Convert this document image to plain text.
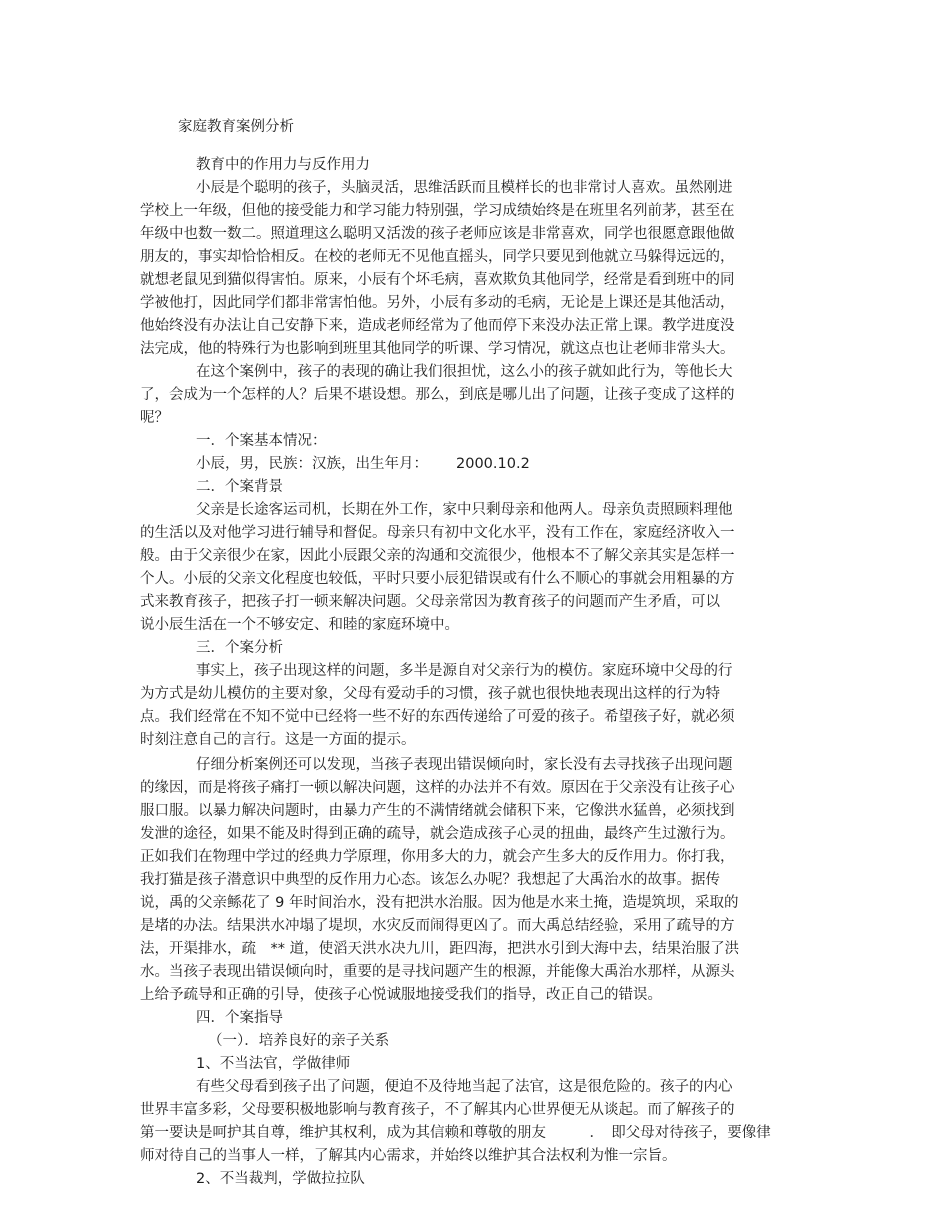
家庭教育案例分析
教育中的作用力与反作用力
小辰是个聪明的孩子，头脑灵活，思维活跃而且模样长的也非常讨人喜欢。虽然刚进
学校上一年级，但他的接受能力和学习能力特别强，学习成绩始终是在班里名列前茅，甚至在
年级中也数一数二。照道理这么聪明又活泼的孩子老师应该是非常喜欢，同学也很愿意跟他做
朋友的，事实却恰恰相反。在校的老师无不见他直摇头，同学只要见到他就立马躲得远远的，
就想老鼠见到猫似得害怕。原来，小辰有个坏毛病，喜欢欺负其他同学，经常是看到班中的同
学被他打，因此同学们都非常害怕他。另外，小辰有多动的毛病，无论是上课还是其他活动，
他始终没有办法让自己安静下来，造成老师经常为了他而停下来没办法正常上课。教学进度没
法完成，他的特殊行为也影响到班里其他同学的听课、学习情况，就这点也让老师非常头大。
在这个案例中，孩子的表现的确让我们很担忧，这么小的孩子就如此行为，等他长大
了，会成为一个怎样的人？后果不堪设想。那么，到底是哪儿出了问题，让孩子变成了这样的
呢？
一．个案基本情况：
小辰，男，民族：汉族，出生年月： 2000.10.2
二．个案背景
父亲是长途客运司机，长期在外工作，家中只剩母亲和他两人。母亲负责照顾料理他
的生活以及对他学习进行辅导和督促。母亲只有初中文化水平，没有工作在，家庭经济收入一
般。由于父亲很少在家，因此小辰跟父亲的沟通和交流很少，他根本不了解父亲其实是怎样一
个人。小辰的父亲文化程度也较低，平时只要小辰犯错误或有什么不顺心的事就会用粗暴的方
式来教育孩子，把孩子打一顿来解决问题。父母亲常因为教育孩子的问题而产生矛盾，可以
说小辰生活在一个不够安定、和睦的家庭环境中。
三．个案分析
事实上，孩子出现这样的问题，多半是源自对父亲行为的模仿。家庭环境中父母的行
为方式是幼儿模仿的主要对象，父母有爱动手的习惯，孩子就也很快地表现出这样的行为特
点。我们经常在不知不觉中已经将一些不好的东西传递给了可爱的孩子。希望孩子好，就必须
时刻注意自己的言行。这是一方面的提示。
仔细分析案例还可以发现，当孩子表现出错误倾向时，家长没有去寻找孩子出现问题
的缘因，而是将孩子痛打一顿以解决问题，这样的办法并不有效。原因在于父亲没有让孩子心
服口服。以暴力解决问题时，由暴力产生的不满情绪就会储积下来，它像洪水猛兽，必须找到
发泄的途径，如果不能及时得到正确的疏导，就会造成孩子心灵的扭曲，最终产生过激行为。
正如我们在物理中学过的经典力学原理，你用多大的力，就会产生多大的反作用力。你打我，
我打猫是孩子潜意识中典型的反作用力心态。该怎么办呢？我想起了大禹治水的故事。据传
说，禹的父亲鲧花了 9 年时间治水，没有把洪水治服。因为他是水来土掩，造堤筑坝，采取的
是堵的办法。结果洪水冲塌了堤坝，水灾反而闹得更凶了。而大禹总结经验，采用了疏导的方
法，开渠排水，疏　** 道，使滔天洪水决九川，距四海，把洪水引到大海中去，结果治服了洪
水。当孩子表现出错误倾向时，重要的是寻找问题产生的根源，并能像大禹治水那样，从源头
上给予疏导和正确的引导，使孩子心悦诚服地接受我们的指导，改正自己的错误。
四．个案指导
（一）．培养良好的亲子关系
1、不当法官，学做律师
有些父母看到孩子出了问题，便迫不及待地当起了法官，这是很危险的。孩子的内心
世界丰富多彩，父母要积极地影响与教育孩子，不了解其内心世界便无从谈起。而了解孩子的
第一要诀是呵护其自尊，维护其权利，成为其信赖和尊敬的朋友　　　．　即父母对待孩子，要像律
师对待自己的当事人一样，了解其内心需求，并始终以维护其合法权利为惟一宗旨。
2、不当裁判，学做拉拉队
